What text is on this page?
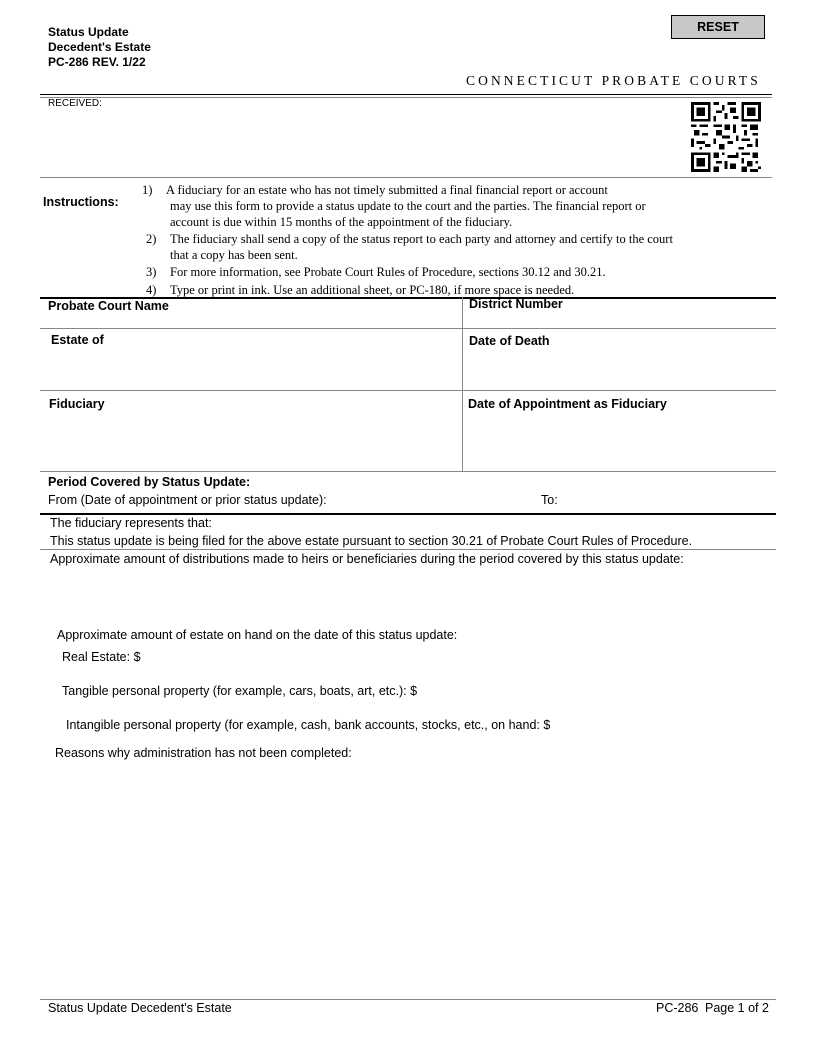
Status Update
Decedent's Estate
PC-286 REV. 1/22
RESET
CONNECTICUT PROBATE COURTS
RECEIVED:
Instructions:
1) A fiduciary for an estate who has not timely submitted a final financial report or account
may use this form to provide a status update to the court and the parties. The financial report or
account is due within 15 months of the appointment of the fiduciary.
2) The fiduciary shall send a copy of the status report to each party and attorney and certify to the court
that a copy has been sent.
3) For more information, see Probate Court Rules of Procedure, sections 30.12 and 30.21.
4) Type or print in ink. Use an additional sheet, or PC-180, if more space is needed.
Probate Court Name	District Number
Estate of	Date of Death
Fiduciary	Date of Appointment as Fiduciary
Period Covered by Status Update:
From (Date of appointment or prior status update):	To:
The fiduciary represents that:
This status update is being filed for the above estate pursuant to section 30.21 of Probate Court Rules of Procedure.
Approximate amount of distributions made to heirs or beneficiaries during the period covered by this status update:
Approximate amount of estate on hand on the date of this status update:
Real Estate: $
Tangible personal property (for example, cars, boats, art, etc.): $
Intangible personal property (for example, cash, bank accounts, stocks, etc., on hand: $
Reasons why administration has not been completed:
Status Update Decedent's Estate	PC-286 Page 1 of 2
